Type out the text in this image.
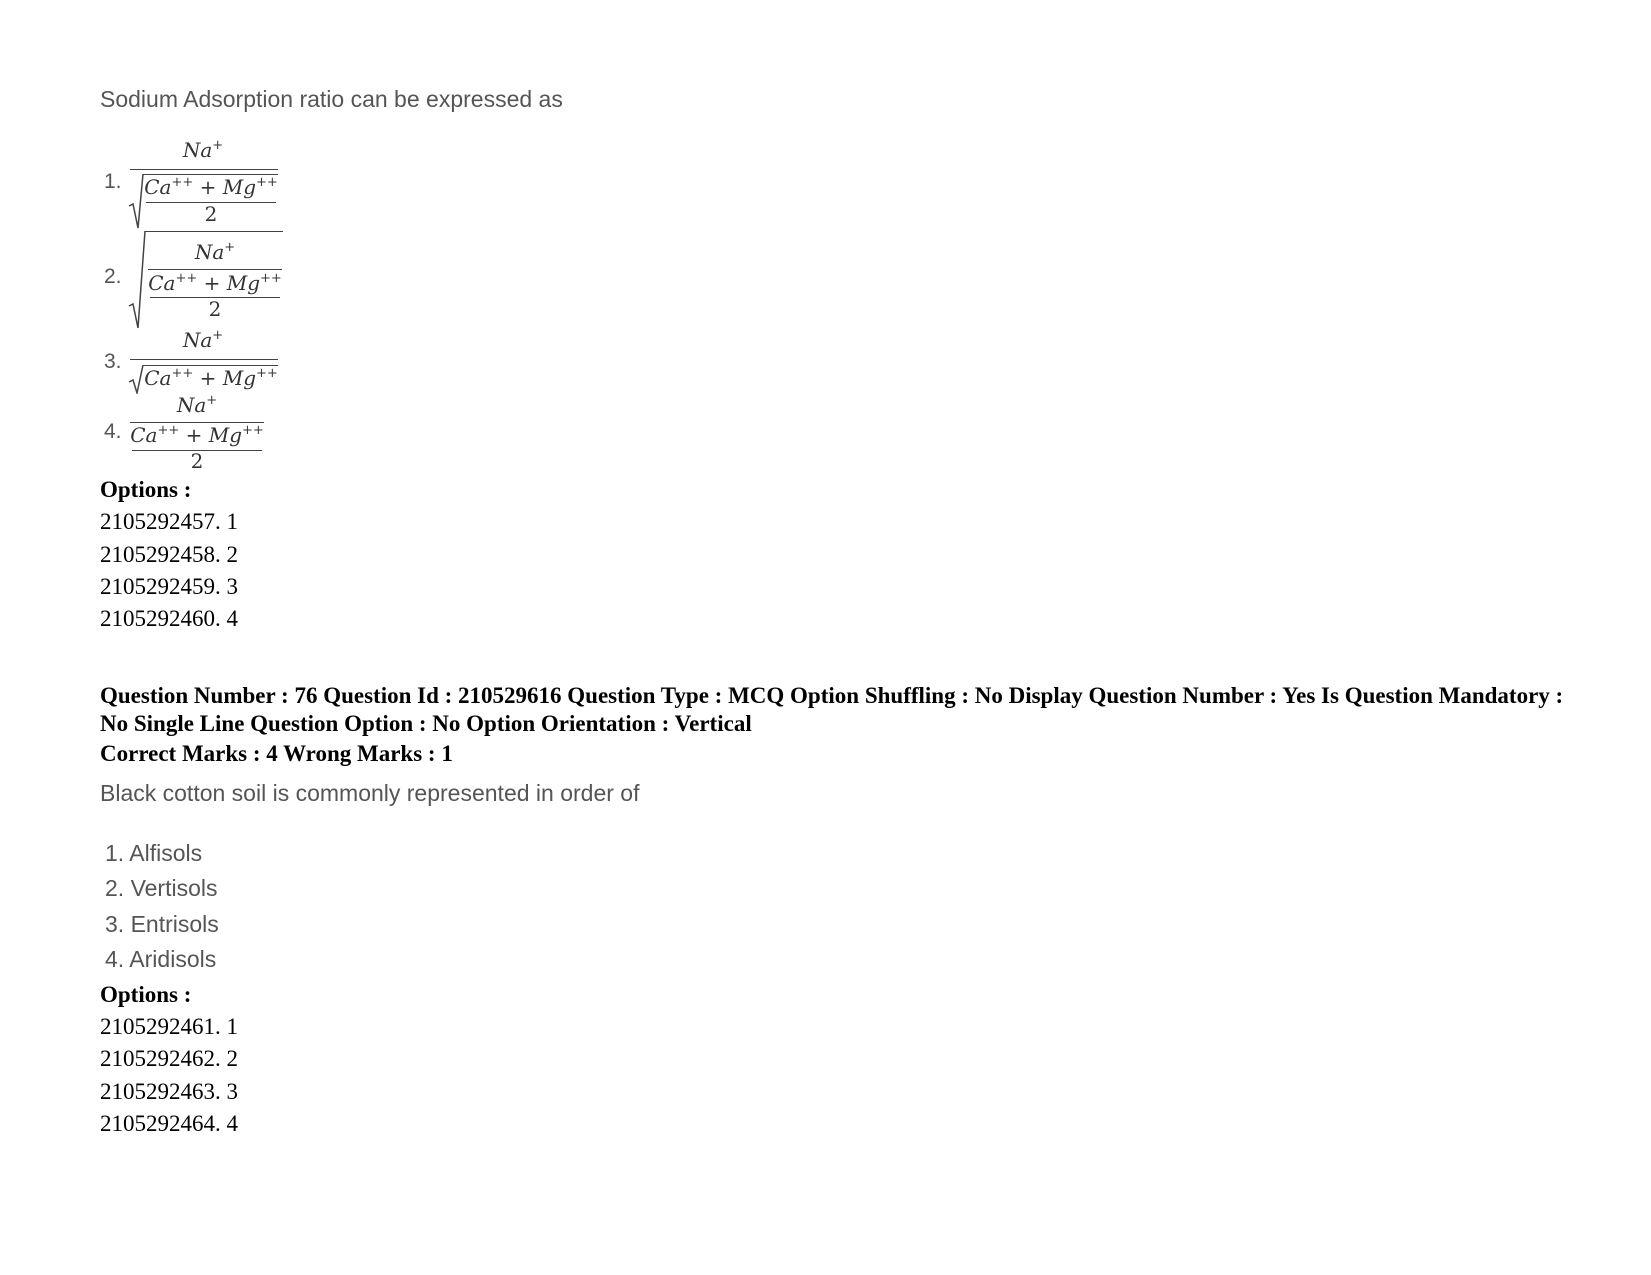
Sodium Adsorption ratio can be expressed as
1.
Na+
Ca++ + Mg++
2
2.
Na+
Ca++ + Mg++
2
3.
Na+
Ca++ + Mg++
4.
Na+
Ca++ + Mg++
2
Options :
2105292457. 1
2105292458. 2
2105292459. 3
2105292460. 4
Question Number : 76 Question Id : 210529616 Question Type : MCQ Option Shuffling : No Display Question Number : Yes Is Question Mandatory : No Single Line Question Option : No Option Orientation : Vertical
Correct Marks : 4 Wrong Marks : 1
Black cotton soil is commonly represented in order of
1. Alfisols
2. Vertisols
3. Entrisols
4. Aridisols
Options :
2105292461. 1
2105292462. 2
2105292463. 3
2105292464. 4
